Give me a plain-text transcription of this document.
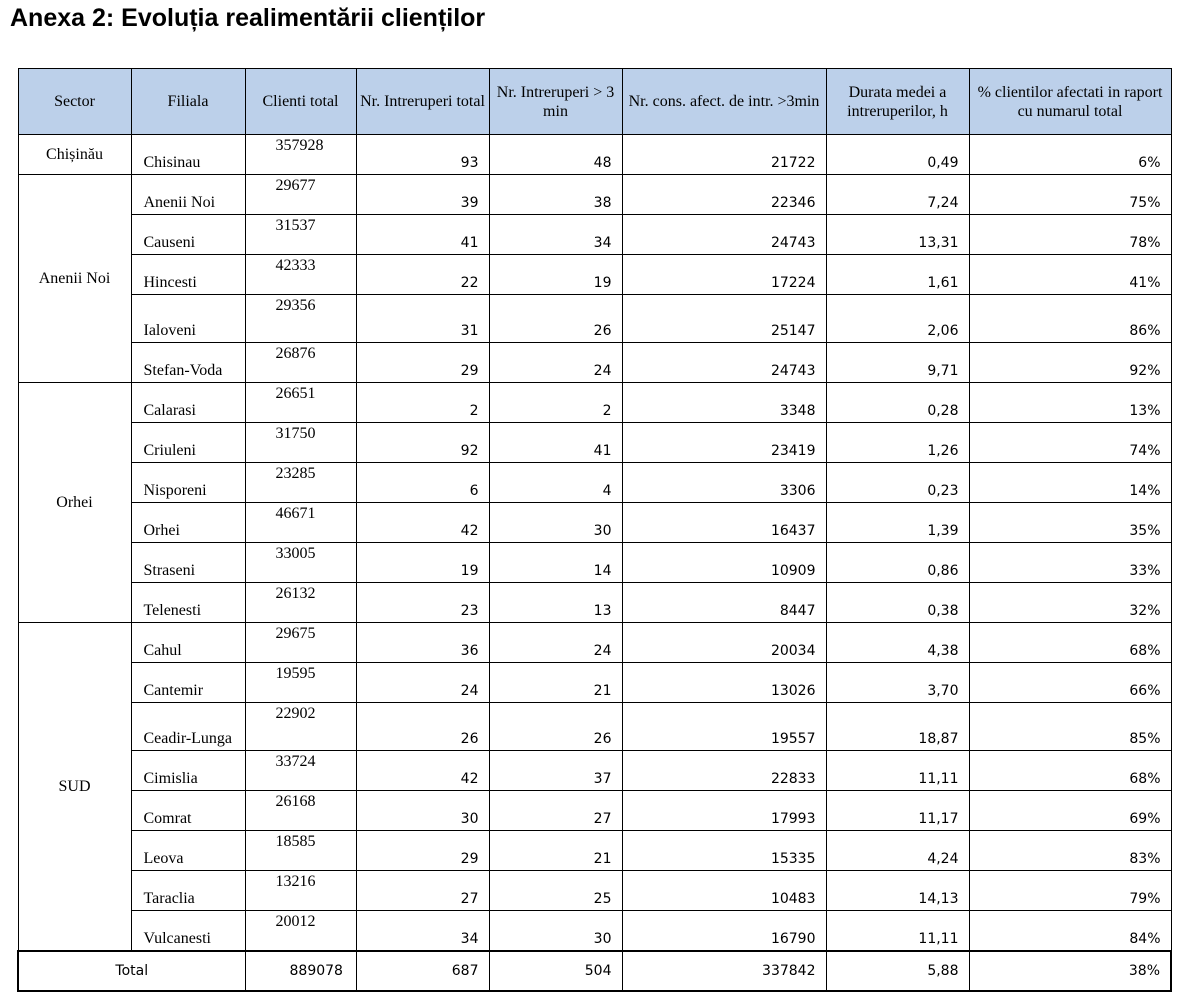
Anexa 2: Evoluția realimentării clienților
Sector	Filiala	Clienti total	Nr. Intreruperi total	Nr. Intreruperi > 3 min	Nr. cons. afect. de intr. >3min	Durata medei a intreruperilor, h	% clientilor afectati in raport cu numarul total
Chișinău	Chisinau	357928	93	48	21722	0,49	6%
Anenii Noi	Anenii Noi	29677	39	38	22346	7,24	75%
	Causeni	31537	41	34	24743	13,31	78%
	Hincesti	42333	22	19	17224	1,61	41%
	Ialoveni	29356	31	26	25147	2,06	86%
	Stefan-Voda	26876	29	24	24743	9,71	92%
Orhei	Calarasi	26651	2	2	3348	0,28	13%
	Criuleni	31750	92	41	23419	1,26	74%
	Nisporeni	23285	6	4	3306	0,23	14%
	Orhei	46671	42	30	16437	1,39	35%
	Straseni	33005	19	14	10909	0,86	33%
	Telenesti	26132	23	13	8447	0,38	32%
SUD	Cahul	29675	36	24	20034	4,38	68%
	Cantemir	19595	24	21	13026	3,70	66%
	Ceadir-Lunga	22902	26	26	19557	18,87	85%
	Cimislia	33724	42	37	22833	11,11	68%
	Comrat	26168	30	27	17993	11,17	69%
	Leova	18585	29	21	15335	4,24	83%
	Taraclia	13216	27	25	10483	14,13	79%
	Vulcanesti	20012	34	30	16790	11,11	84%
Total		889078	687	504	337842	5,88	38%
